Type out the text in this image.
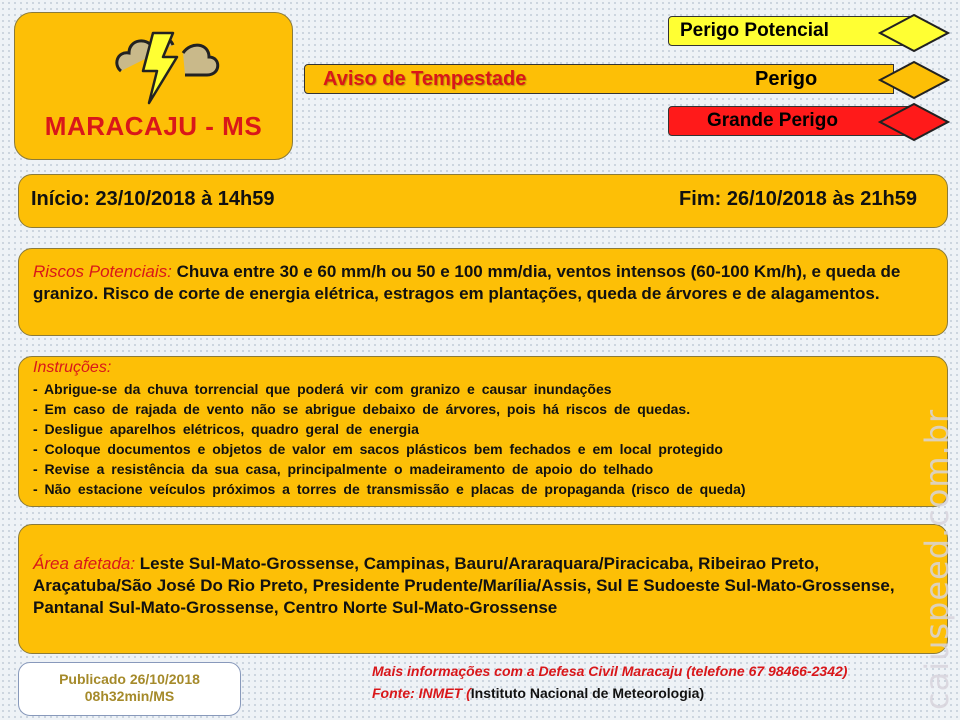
MARACAJU - MS
Perigo Potencial
Aviso de Tempestade	Perigo
Grande Perigo
Início: 23/10/2018 à 14h59	Fim: 26/10/2018 às 21h59
Riscos Potenciais: Chuva entre 30 e 60 mm/h ou 50 e 100 mm/dia, ventos intensos (60-100 Km/h), e queda de granizo. Risco de corte de energia elétrica, estragos em plantações, queda de árvores e de alagamentos.
Instruções:
- Abrigue-se da chuva torrencial que poderá vir com granizo e causar inundações
- Em caso de rajada de vento não se abrigue debaixo de árvores, pois há riscos de quedas.
- Desligue aparelhos elétricos, quadro geral de energia
- Coloque documentos e objetos de valor em sacos plásticos bem fechados e em local protegido
- Revise a resistência da sua casa, principalmente o madeiramento de apoio do telhado
- Não estacione veículos próximos a torres de transmissão e placas de propaganda (risco de queda)
Área afetada: Leste Sul-Mato-Grossense, Campinas, Bauru/Araraquara/Piracicaba, Ribeirao Preto, Araçatuba/São José Do Rio Preto, Presidente Prudente/Marília/Assis, Sul E Sudoeste Sul-Mato-Grossense, Pantanal Sul-Mato-Grossense, Centro Norte Sul-Mato-Grossense
Publicado 26/10/2018
08h32min/MS
Mais informações com a Defesa Civil Maracaju (telefone 67 98466-2342)
Fonte: INMET (Instituto Nacional de Meteorologia)	caiuspeed.com.br
